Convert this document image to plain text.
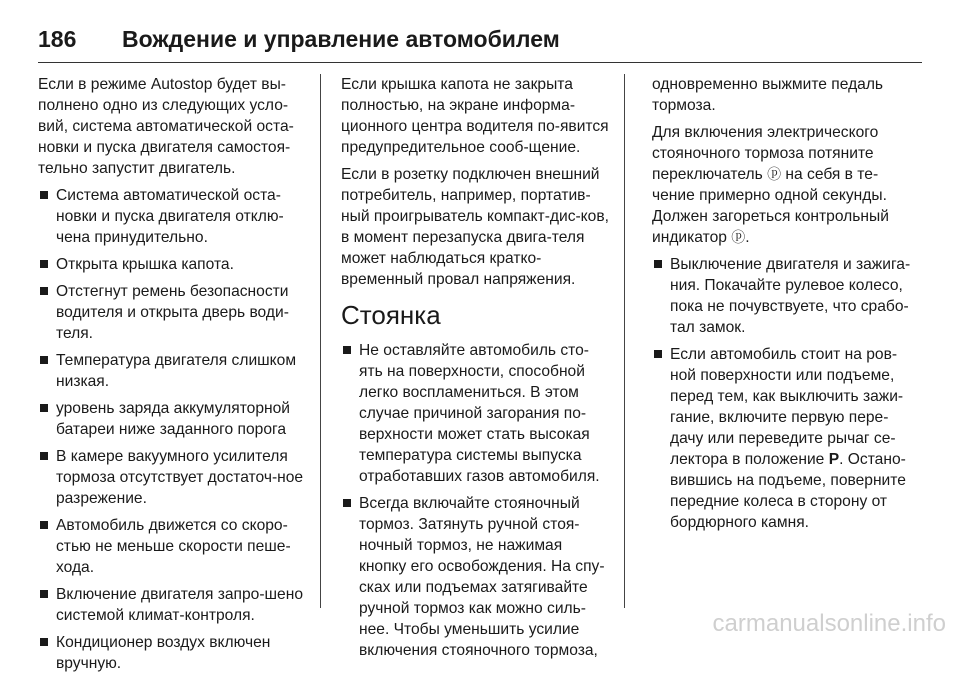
186	Вождение и управление автомобилем

Если в режиме Autostop будет вы-полнено одно из следующих усло-вий, система автоматической оста-новки и пуска двигателя самостоя-тельно запустит двигатель.

Система автоматической оста-новки и пуска двигателя отклю-чена принудительно.
Открыта крышка капота.
Отстегнут ремень безопасности водителя и открыта дверь води-теля.
Температура двигателя слишком низкая.
уровень заряда аккумуляторной батареи ниже заданного порога
В камере вакуумного усилителя тормоза отсутствует достаточ-ное разрежение.
Автомобиль движется со скоро-стью не меньше скорости пеше-хода.
Включение двигателя запро-шено системой климат-контроля.
Кондиционер воздух включен вручную.

Если крышка капота не закрыта полностью, на экране информа-ционного центра водителя по-явится предупредительное сооб-щение.

Если в розетку подключен внешний потребитель, например, портатив-ный проигрыватель компакт-дис-ков, в момент перезапуска двига-теля может наблюдаться кратко-временный провал напряжения.

Стоянка
Не оставляйте автомобиль сто-ять на поверхности, способной легко воспламениться. В этом случае причиной загорания по-верхности может стать высокая температура системы выпуска отработавших газов автомобиля.
Всегда включайте стояночный тормоз. Затянуть ручной стоя-ночный тормоз, не нажимая кнопку его освобождения. На спу-сках или подъемах затягивайте ручной тормоз как можно силь-нее. Чтобы уменьшить усилие включения стояночного тормоза,

одновременно выжмите педаль тормоза.

Для включения электрического стояночного тормоза потяните переключатель ⓟ на себя в те-чение примерно одной секунды. Должен загореться контрольный индикатор ⓟ.

Выключение двигателя и зажига-ния. Покачайте рулевое колесо, пока не почувствуете, что срабо-тал замок.
Если автомобиль стоит на ров-ной поверхности или подъеме, перед тем, как выключить зажи-гание, включите первую пере-дачу или переведите рычаг се-лектора в положение P. Остано-вившись на подъеме, поверните передние колеса в сторону от бордюрного камня.
carmanualsonline.info
